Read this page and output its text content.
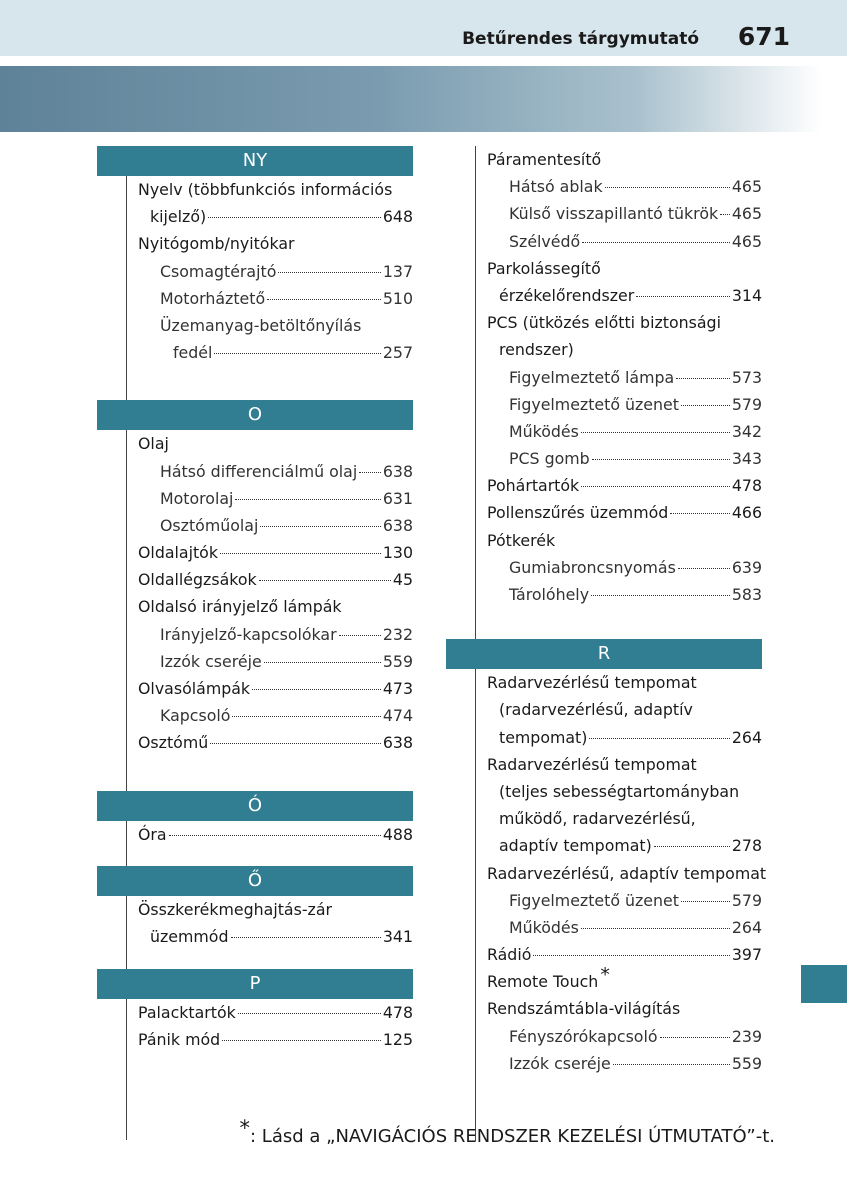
Betűrendes tárgymutató 671
NY
Nyelv (többfunkciós információs
kijelző)	648
Nyitógomb/nyitókar
Csomagtérajtó	137
Motorháztető	510
Üzemanyag-betöltőnyílás
fedél	257
O
Olaj
Hátsó differenciálmű olaj 638
Motorolaj	631
Osztóműolaj	638
Oldalajtók	130
Oldallégzsákok	45
Oldalsó irányjelző lámpák
Irányjelző-kapcsolókar	232
Izzók cseréje	559
Olvasólámpák	473
Kapcsoló	474
Osztómű	638
Ó
Óra	488
Ő
Összkerékmeghajtás-zár
üzemmód	341
P
Palacktartók	478
Pánik mód	125
Páramentesítő
Hátsó ablak	465
Külső visszapillantó tükrök 465
Szélvédő	465
Parkolássegítő
érzékelőrendszer	314
PCS (ütközés előtti biztonsági
rendszer)
Figyelmeztető lámpa	573
Figyelmeztető üzenet	579
Működés	342
PCS gomb	343
Pohártartók	478
Pollenszűrés üzemmód	466
Pótkerék
Gumiabroncsnyomás	639
Tárolóhely	583
R
Radarvezérlésű tempomat
(radarvezérlésű, adaptív
tempomat)	264
Radarvezérlésű tempomat
(teljes sebességtartományban
működő, radarvezérlésű,
adaptív tempomat)	278
Radarvezérlésű, adaptív tempomat
Figyelmeztető üzenet	579
Működés	264
Rádió	397
Remote Touch *
Rendszámtábla-világítás
Fényszórókapcsoló	239
Izzók cseréje	559
*: Lásd a „NAVIGÁCIÓS RENDSZER KEZELÉSI ÚTMUTATÓ”-t.
